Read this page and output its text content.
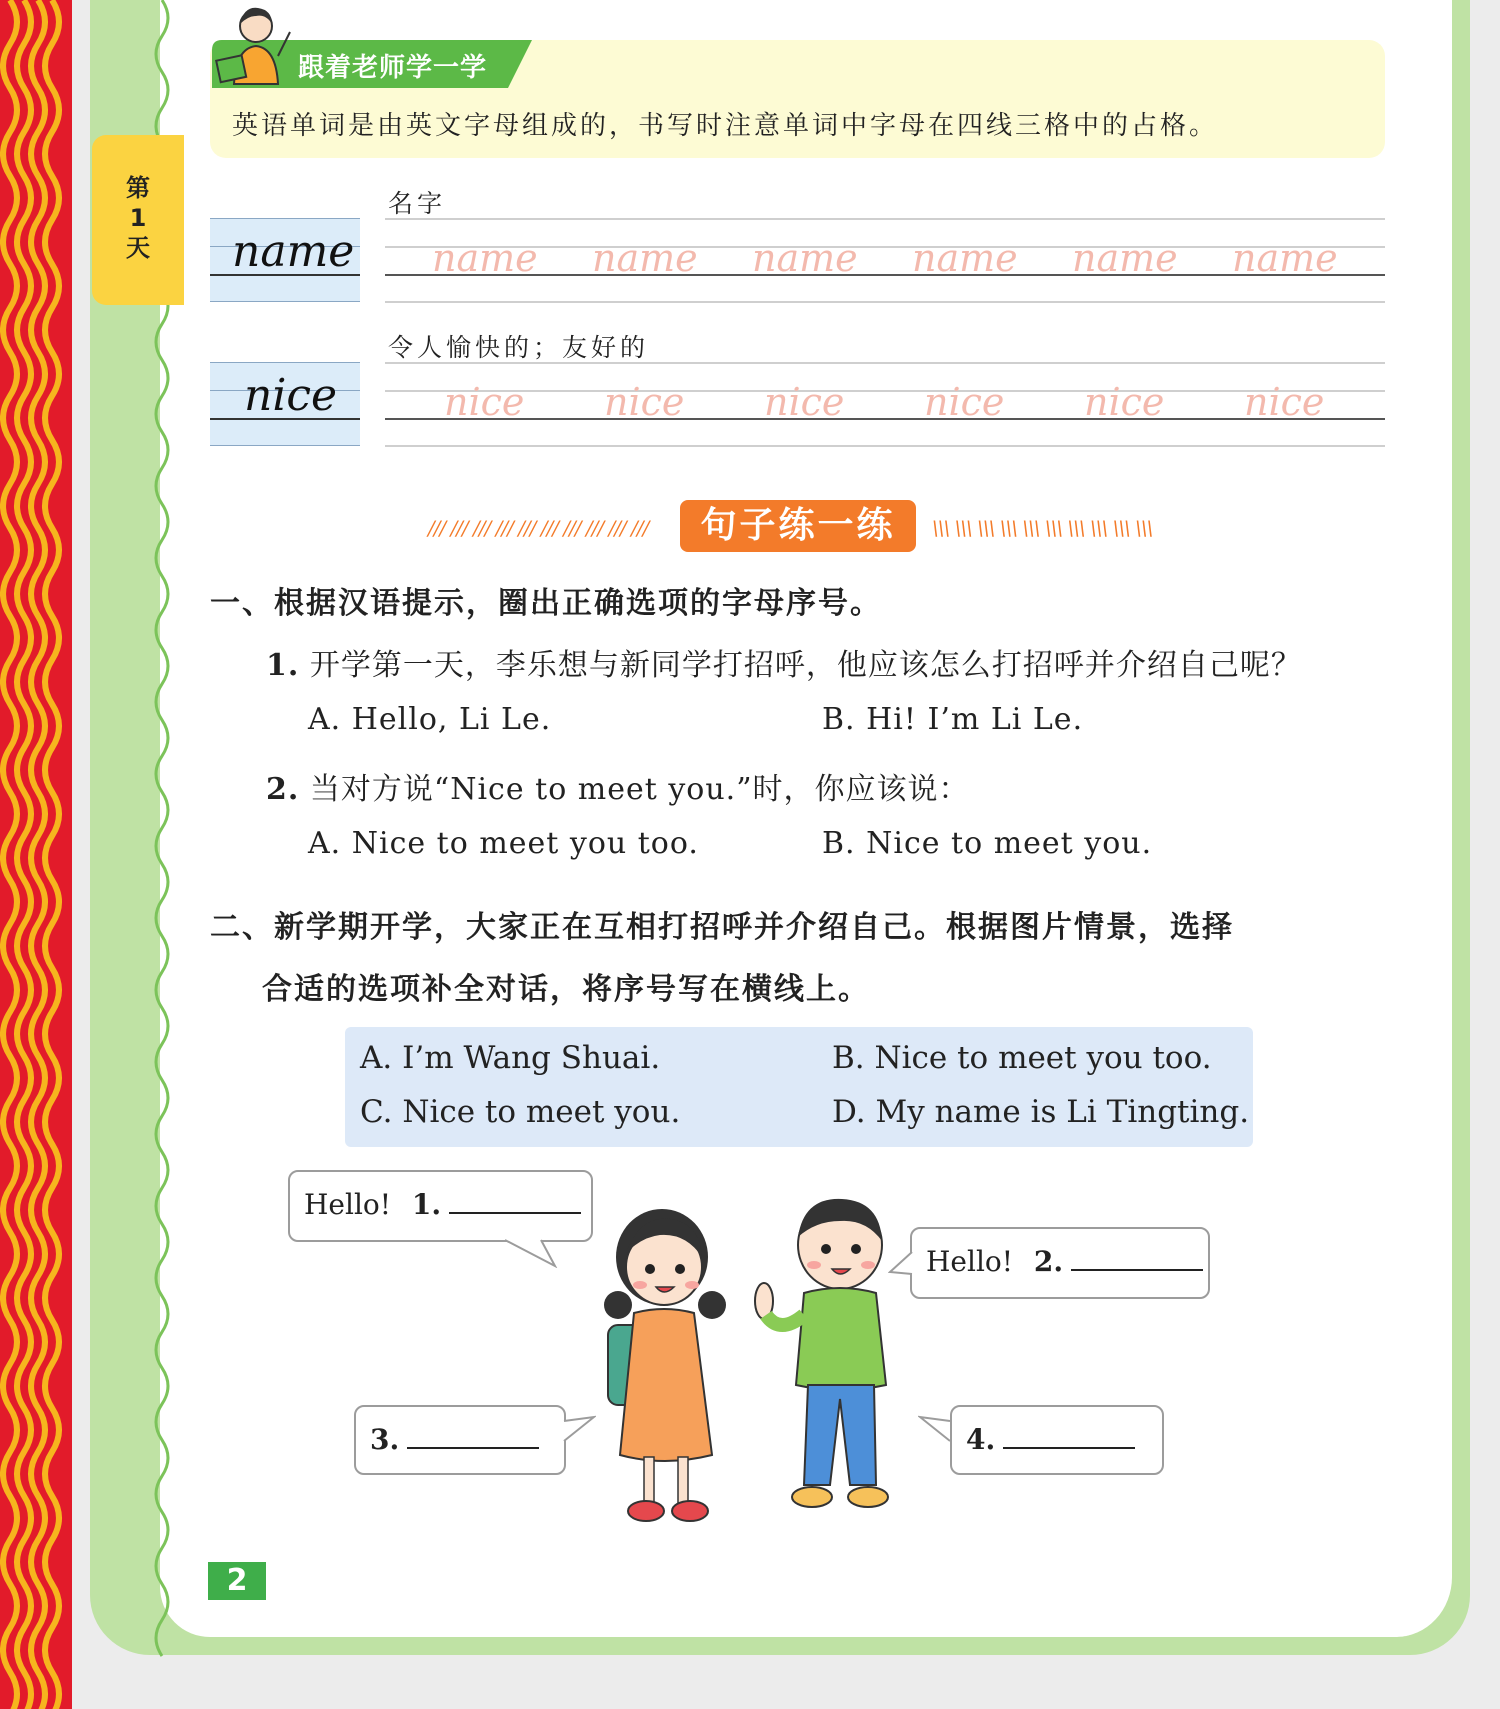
第
1
天
跟着老师学一学
英语单词是由英文字母组成的，书写时注意单词中字母在四线三格中的占格。
名字
name name name name name name name
令人愉快的；友好的
nice	nice nice nice nice nice nice
/// /// /// /// /// /// /// /// /// ///	句子练一练	\\\ \\\ \\\ \\\ \\\ \\\ \\\ \\\ \\\ \\\
一、根据汉语提示，圈出正确选项的字母序号。
1. 开学第一天，李乐想与新同学打招呼，他应该怎么打招呼并介绍自己呢？
A. Hello, Li Le.	B. Hi! I’m Li Le.
2. 当对方说“Nice to meet you.”时，你应该说：
A. Nice to meet you too.	B. Nice to meet you.
二、新学期开学，大家正在互相打招呼并介绍自己。根据图片情景，选择
合适的选项补全对话，将序号写在横线上。
A. I’m Wang Shuai.	B. Nice to meet you too.
C. Nice to meet you.	D. My name is Li Tingting.
Hello! 1.
Hello! 2.
3.	4.
2
